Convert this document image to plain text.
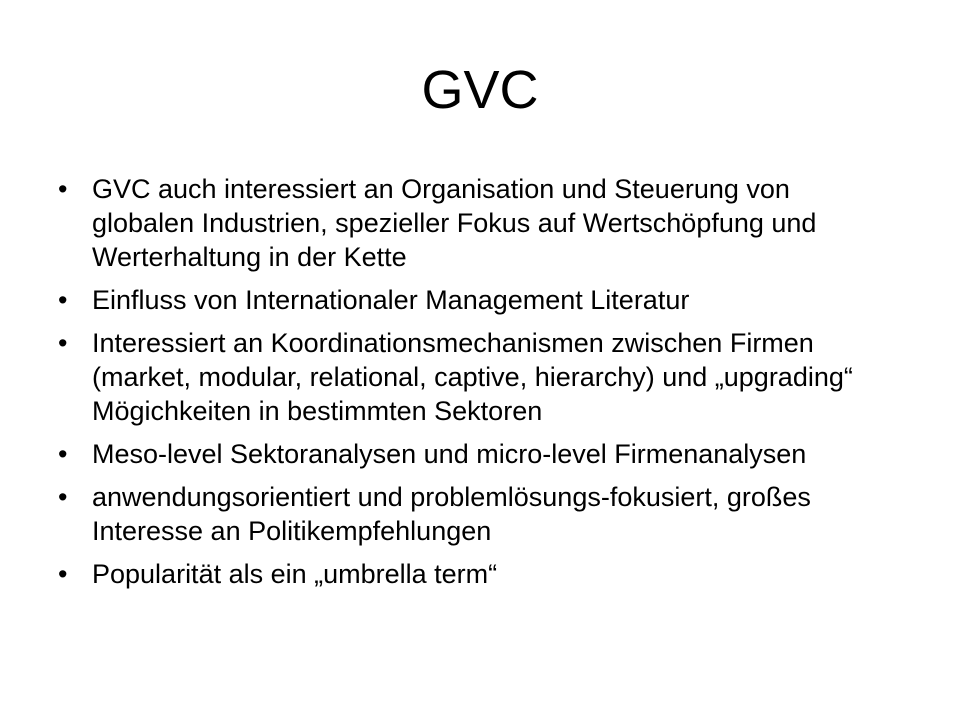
GVC
• GVC auch interessiert an Organisation und Steuerung von globalen Industrien, spezieller Fokus auf Wertschöpfung und Werterhaltung in der Kette
• Einfluss von Internationaler Management Literatur
• Interessiert an Koordinationsmechanismen zwischen Firmen (market, modular, relational, captive, hierarchy) und „upgrading“ Mögichkeiten in bestimmten Sektoren
• Meso-level Sektoranalysen und micro-level Firmenanalysen
• anwendungsorientiert und problemlösungs-fokusiert, großes Interesse an Politikempfehlungen
• Popularität als ein „umbrella term“
